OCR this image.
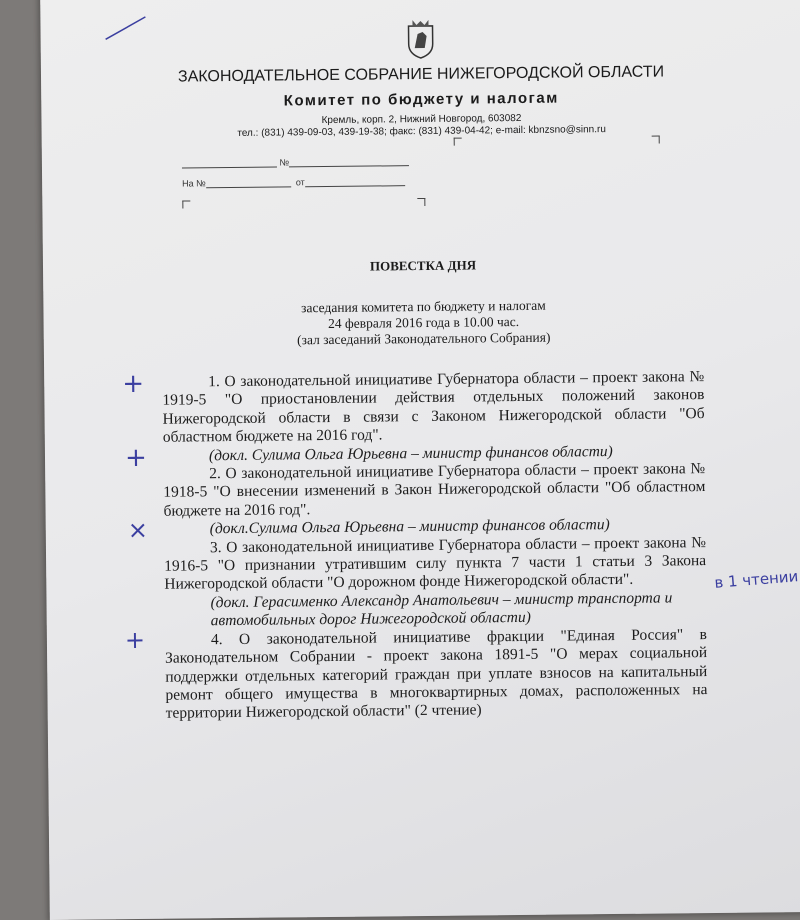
ЗАКОНОДАТЕЛЬНОЕ СОБРАНИЕ НИЖЕГОРОДСКОЙ ОБЛАСТИ
Комитет по бюджету и налогам
Кремль, корп. 2, Нижний Новгород, 603082
тел.: (831) 439-09-03, 439-19-38; факс: (831) 439-04-42; e-mail: kbnzsno@sinn.ru
№
На №	от
ПОВЕСТКА ДНЯ
заседания комитета по бюджету и налогам
24 февраля 2016 года в 10.00 час.
(зал заседаний Законодательного Собрания)

1. О законодательной инициативе Губернатора области – проект закона № 1919-5 "О приостановлении действия отдельных положений законов Нижегородской области в связи с Законом Нижегородской области "Об областном бюджете на 2016 год".

(докл. Сулима Ольга Юрьевна – министр финансов области)

2. О законодательной инициативе Губернатора области – проект закона № 1918-5 "О внесении изменений в Закон Нижегородской области "Об областном бюджете на 2016 год".

(докл.Сулима Ольга Юрьевна – министр финансов области)

3. О законодательной инициативе Губернатора области – проект закона № 1916-5 "О признании утратившим силу пункта 7 части 1 статьи 3 Закона Нижегородской области "О дорожном фонде Нижегородской области".

(докл. Герасименко Александр Анатольевич – министр транспорта и автомобильных дорог Нижегородской области)

4. О законодательной инициативе фракции "Единая Россия" в Законодательном Собрании - проект закона 1891-5 "О мерах социальной поддержки отдельных категорий граждан при уплате взносов на капитальный ремонт общего имущества в многоквартирных домах, расположенных на территории Нижегородской области" (2 чтение)

+
+
×
+
в 1 чтении
